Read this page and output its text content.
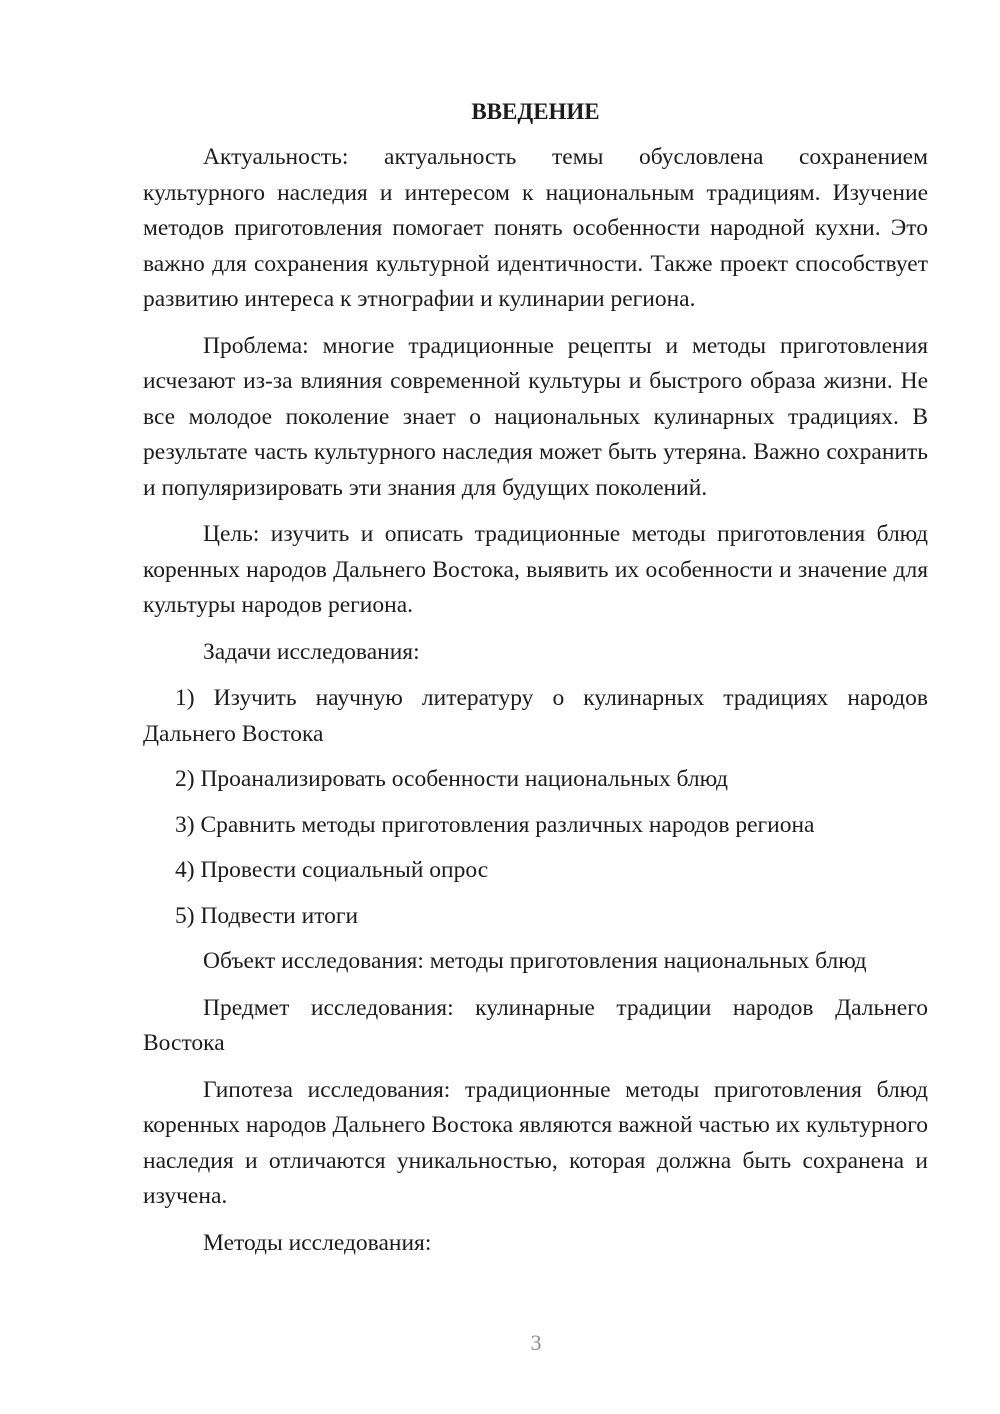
ВВЕДЕНИЕ

Актуальность: актуальность темы обусловлена сохранением культурного наследия и интересом к национальным традициям. Изучение методов приготовления помогает понять особенности народной кухни. Это важно для сохранения культурной идентичности. Также проект способствует развитию интереса к этнографии и кулинарии региона.

Проблема: многие традиционные рецепты и методы приготовления исчезают из-за влияния современной культуры и быстрого образа жизни. Не все молодое поколение знает о национальных кулинарных традициях. В результате часть культурного наследия может быть утеряна. Важно сохранить и популяризировать эти знания для будущих поколений.

Цель: изучить и описать традиционные методы приготовления блюд коренных народов Дальнего Востока, выявить их особенности и значение для культуры народов региона.

Задачи исследования:

1) Изучить научную литературу о кулинарных традициях народов Дальнего Востока

2) Проанализировать особенности национальных блюд

3) Сравнить методы приготовления различных народов региона

4) Провести социальный опрос

5) Подвести итоги

Объект исследования: методы приготовления национальных блюд

Предмет исследования: кулинарные традиции народов Дальнего Востока

Гипотеза исследования: традиционные методы приготовления блюд коренных народов Дальнего Востока являются важной частью их культурного наследия и отличаются уникальностью, которая должна быть сохранена и изучена.

Методы исследования:

3
